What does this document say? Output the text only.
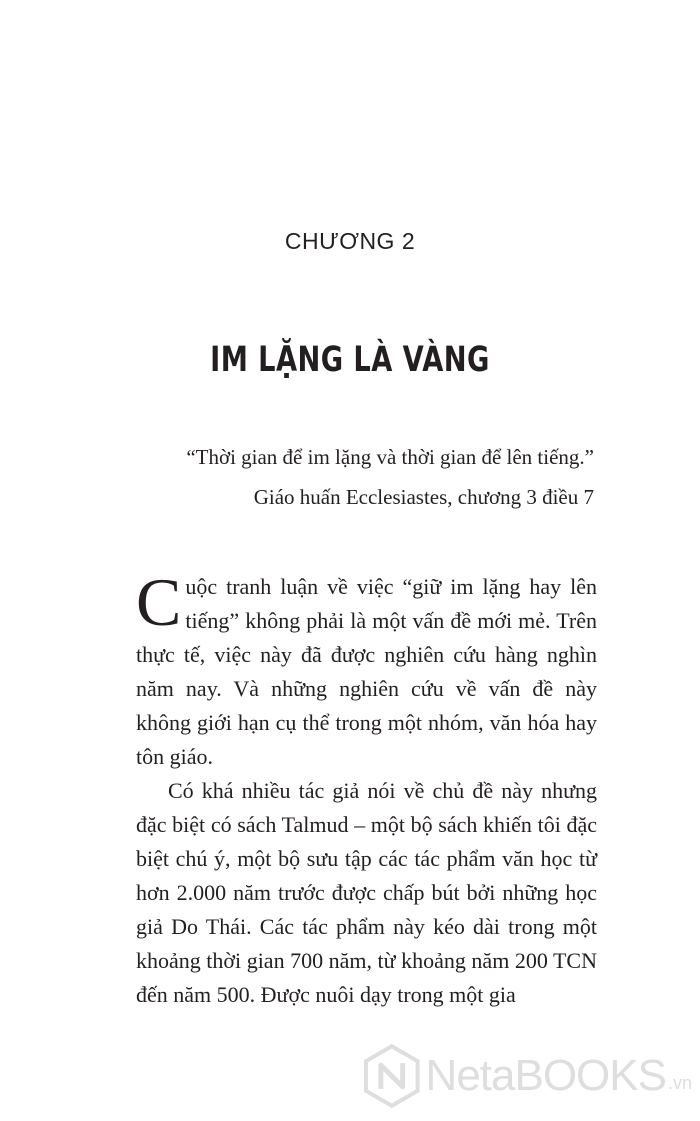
CHƯƠNG 2
IM LẶNG LÀ VÀNG
“Thời gian để im lặng và thời gian để lên tiếng.”
Giáo huấn Ecclesiastes, chương 3 điều 7

Cuộc tranh luận về việc “giữ im lặng hay lên tiếng” không phải là một vấn đề mới mẻ. Trên thực tế, việc này đã được nghiên cứu hàng nghìn năm nay. Và những nghiên cứu về vấn đề này không giới hạn cụ thể trong một nhóm, văn hóa hay tôn giáo.

Có khá nhiều tác giả nói về chủ đề này nhưng đặc biệt có sách Talmud – một bộ sách khiến tôi đặc biệt chú ý, một bộ sưu tập các tác phẩm văn học từ hơn 2.000 năm trước được chấp bút bởi những học giả Do Thái. Các tác phẩm này kéo dài trong một khoảng thời gian 700 năm, từ khoảng năm 200 TCN đến năm 500. Được nuôi dạy trong một gia

NetaBOOKS .vn
